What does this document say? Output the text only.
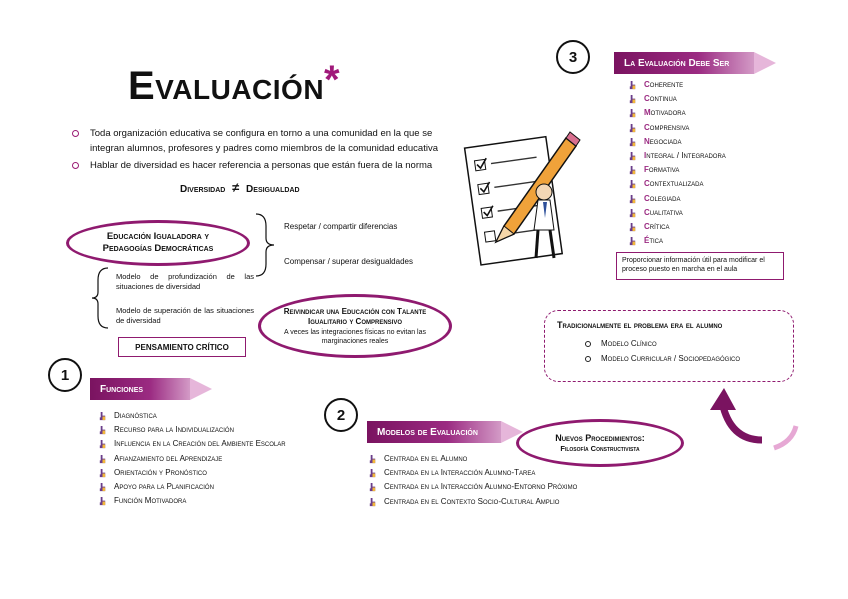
Evaluación*
Toda organización educativa se configura en torno a una comunidad en la que se integran alumnos, profesores y padres como miembros de la comunidad educativa
Hablar de diversidad es hacer referencia a personas que están fuera de la norma
Diversidad ≠ Desigualdad
Educación Igualadora y Pedagogías Democráticas
Respetar / compartir diferencias
Compensar / superar desigualdades
Modelo de profundización de las situaciones de diversidad
Modelo de superación de las situaciones de diversidad
PENSAMIENTO CRÍTICO
Reivindicar una Educación con Talante Igualitario y Comprensivo
A veces las integraciones físicas no evitan las marginaciones reales
1
Funciones
Diagnóstica
Recurso para la Individualización
Influencia en la Creación del Ambiente Escolar
Afianzamiento del Aprendizaje
Orientación y Pronóstico
Apoyo para la Planificación
Función Motivadora
2
Modelos de Evaluación
Centrada en el Alumno
Centrada en la Interacción Alumno-Tarea
Centrada en la Interacción Alumno-Entorno Próximo
Centrada en el Contexto Socio-Cultural Amplio
Nuevos Procedimientos:
Filosofía Constructivista
Tradicionalmente el problema era el alumno
Modelo Clínico
Modelo Curricular / Sociopedagógico
3	La Evaluación Debe Ser
Coherente
Continua
Motivadora
Comprensiva
Negociada
Integral / Integradora
Formativa
Contextualizada
Colegiada
Cualitativa
Crítica
Ética
Proporcionar información útil para modificar el proceso puesto en marcha en el aula
